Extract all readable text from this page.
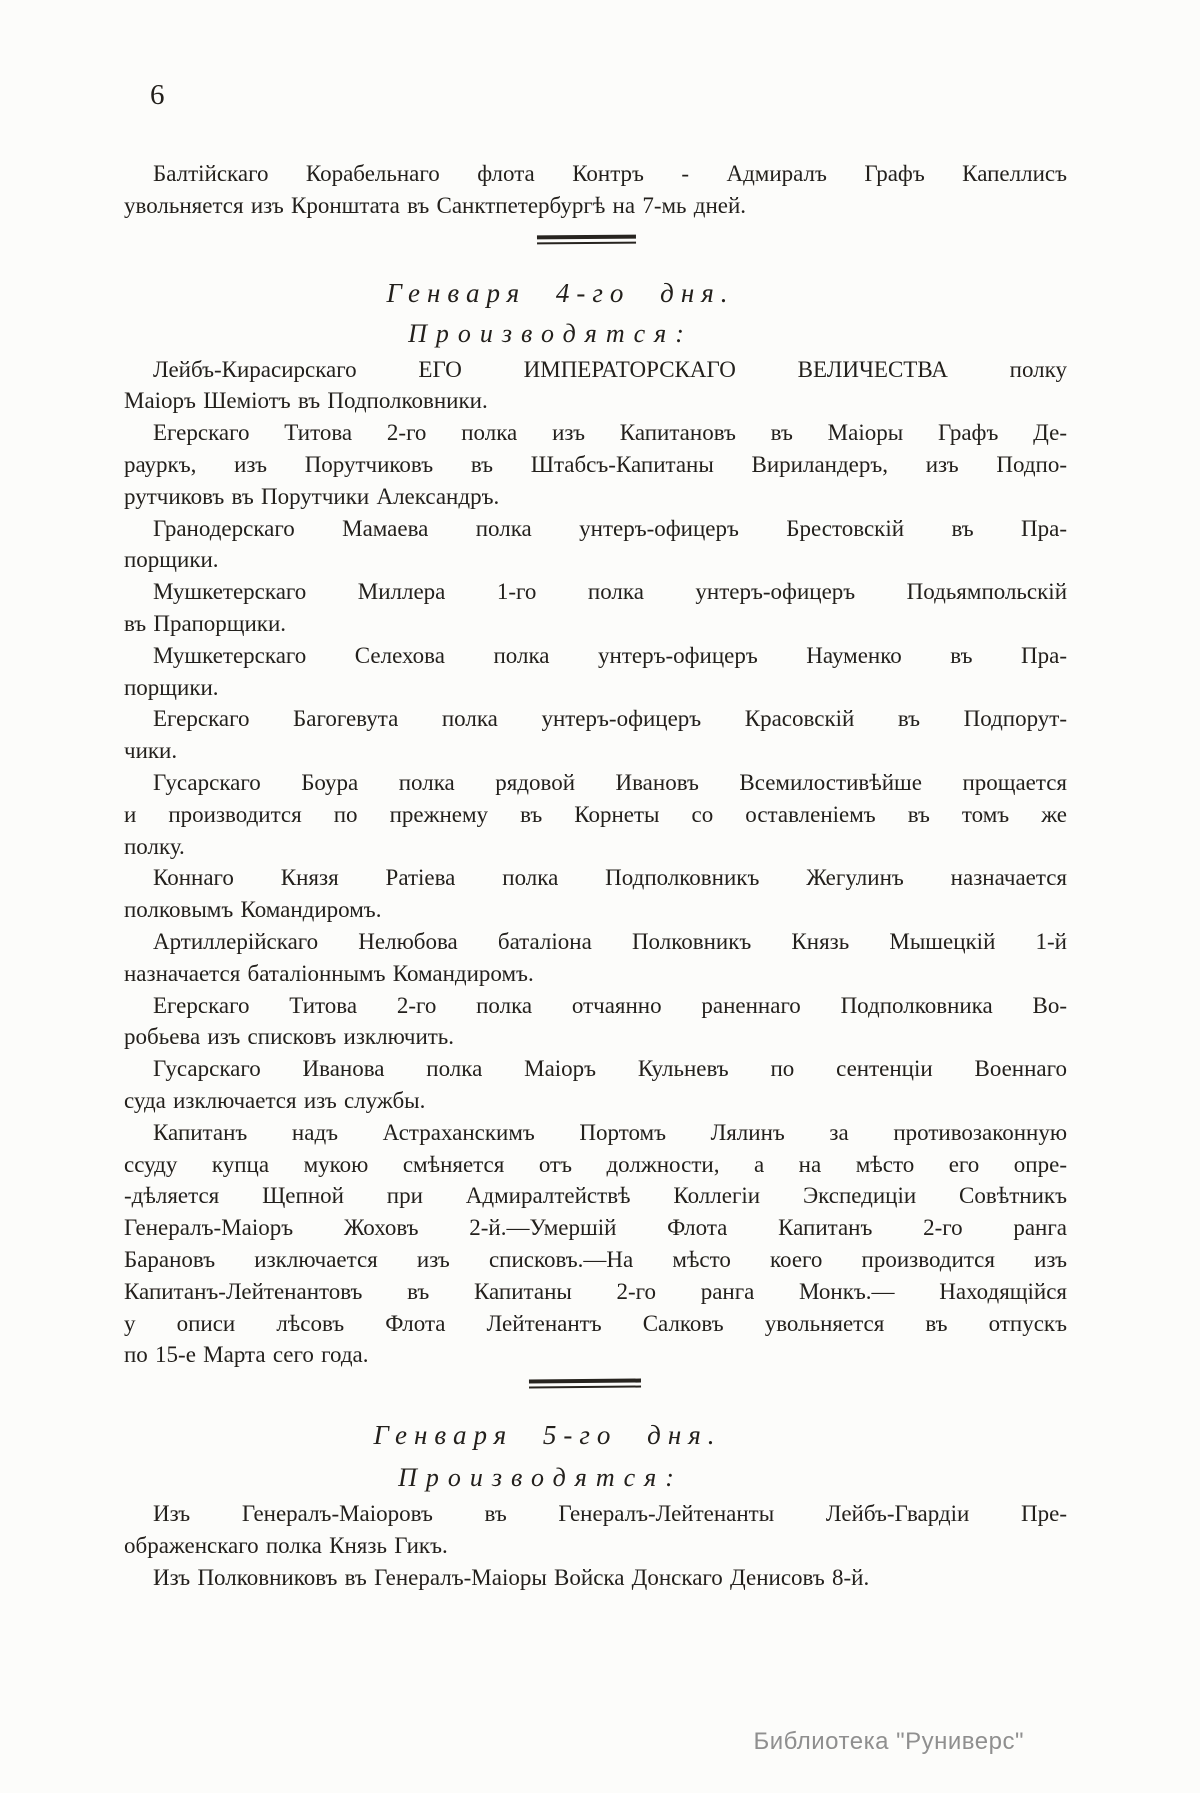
6
Балтійскаго Корабельнаго флота Контръ - Адмиралъ Графъ Капеллисъ
увольняется изъ Кронштата въ Санктпетербургѣ на 7-мь дней.
Генваря 4-го дня.
Производятся:
Лейбъ-Кирасирскаго ЕГО ИМПЕРАТОРСКАГО ВЕЛИЧЕСТВА полку
Маіоръ Шеміотъ въ Подполковники.
Егерскаго Титова 2-го полка изъ Капитановъ въ Маіоры Графъ Де-
рауркъ, изъ Порутчиковъ въ Штабсъ-Капитаны Вириландеръ, изъ Подпо-
рутчиковъ въ Порутчики Александръ.
Гранодерскаго Мамаева полка унтеръ-офицеръ Брестовскій въ Пра-
порщики.
Мушкетерскаго Миллера 1-го полка унтеръ-офицеръ Подьямпольскій
въ Прапорщики.
Мушкетерскаго Селехова полка унтеръ-офицеръ Науменко въ Пра-
порщики.
Егерскаго Багогевута полка унтеръ-офицеръ Красовскій въ Подпорут-
чики.
Гусарскаго Боура полка рядовой Ивановъ Всемилостивѣйше прощается
и производится по прежнему въ Корнеты со оставленіемъ въ томъ же
полку.
Коннаго Князя Ратіева полка Подполковникъ Жегулинъ назначается
полковымъ Командиромъ.
Артиллерійскаго Нелюбова баталіона Полковникъ Князь Мышецкій 1-й
назначается баталіоннымъ Командиромъ.
Егерскаго Титова 2-го полка отчаянно раненнаго Подполковника Во-
робьева изъ списковъ изключить.
Гусарскаго Иванова полка Маіоръ Кульневъ по сентенціи Военнаго
суда изключается изъ службы.
Капитанъ надъ Астраханскимъ Портомъ Лялинъ за противозаконную
ссуду купца мукою смѣняется отъ должности, а на мѣсто его опре-
-дѣляется Щепной при Адмиралтействѣ Коллегіи Экспедиціи Совѣтникъ
Генералъ-Маіоръ Жоховъ 2-й.—Умершій Флота Капитанъ 2-го ранга
Барановъ изключается изъ списковъ.—На мѣсто коего производится изъ
Капитанъ-Лейтенантовъ въ Капитаны 2-го ранга Монкъ.— Находящійся
у описи лѣсовъ Флота Лейтенантъ Салковъ увольняется въ отпускъ
по 15-е Марта сего года.
Генваря 5-го дня.
Производятся:
Изъ Генералъ-Маіоровъ въ Генералъ-Лейтенанты Лейбъ-Гвардіи Пре-
ображенскаго полка Князь Гикъ.
Изъ Полковниковъ въ Генералъ-Маіоры Войска Донскаго Денисовъ 8-й.
Библиотека "Руниверс"
